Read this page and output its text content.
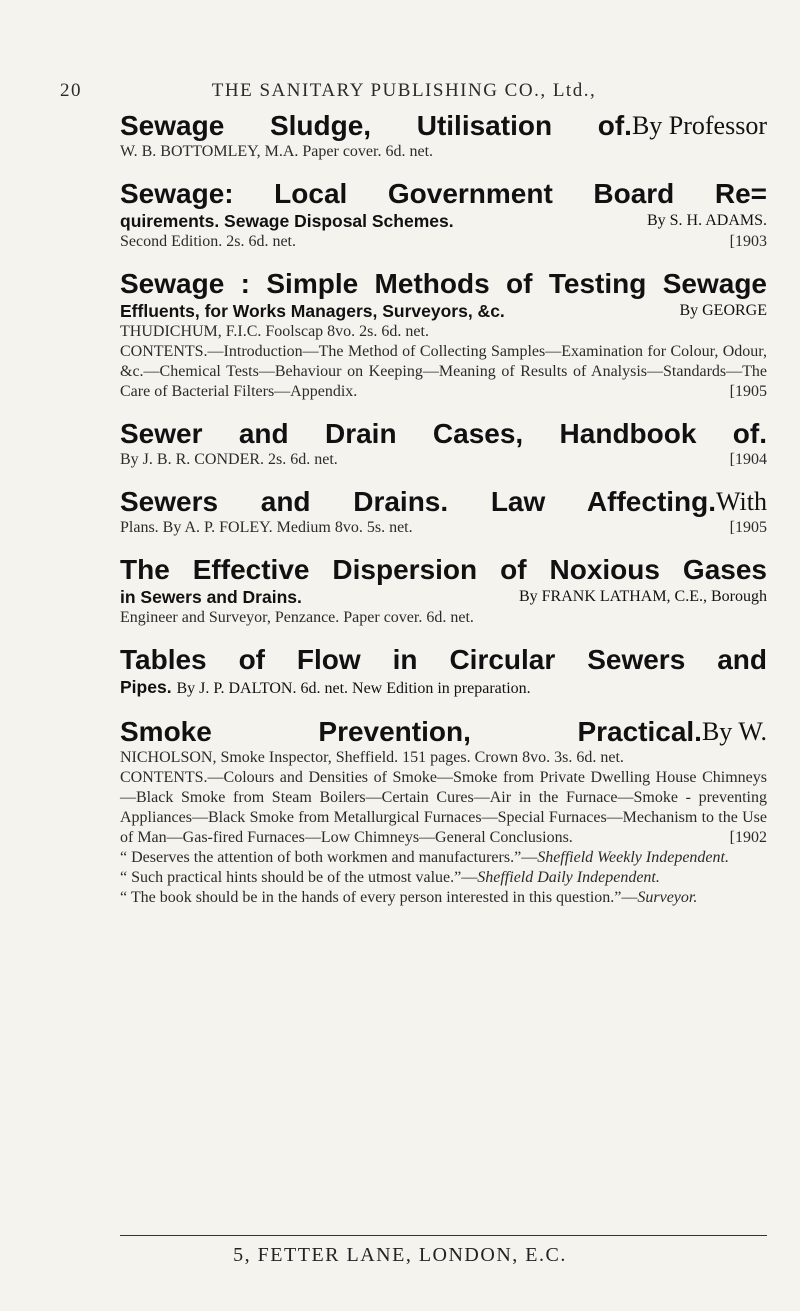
20	THE SANITARY PUBLISHING CO., Ltd.,
Sewage Sludge, Utilisation of. By Professor
W. B. BOTTOMLEY, M.A. Paper cover. 6d. net.
Sewage: Local Government Board Re=
quirements. Sewage Disposal Schemes.	By S. H. ADAMS.
Second Edition. 2s. 6d. net.	[1903
Sewage : Simple Methods of Testing Sewage
Effluents, for Works Managers, Surveyors, &c.	By GEORGE
THUDICHUM, F.I.C. Foolscap 8vo. 2s. 6d. net.
CONTENTS.—Introduction—The Method of Collecting Samples—Examination for Colour, Odour, &c.—Chemical Tests—Behaviour on Keeping—Meaning of Results of Analysis—Standards—The Care of Bacterial Filters—Appendix.	[1905
Sewer and Drain Cases, Handbook of.
By J. B. R. CONDER. 2s. 6d. net.	[1904
Sewers and Drains. Law Affecting. With
Plans. By A. P. FOLEY. Medium 8vo. 5s. net.	[1905
The Effective Dispersion of Noxious Gases
in Sewers and Drains.	By FRANK LATHAM, C.E., Borough
Engineer and Surveyor, Penzance. Paper cover. 6d. net.
Tables of Flow in Circular Sewers and
Pipes. By J. P. DALTON. 6d. net. New Edition in preparation.
Smoke Prevention, Practical. By W.
NICHOLSON, Smoke Inspector, Sheffield. 151 pages. Crown 8vo. 3s. 6d. net.
CONTENTS.—Colours and Densities of Smoke—Smoke from Private Dwelling House Chimneys—Black Smoke from Steam Boilers—Certain Cures—Air in the Furnace—Smoke - preventing Appliances—Black Smoke from Metallurgical Furnaces—Special Furnaces—Mechanism to the Use of Man—Gas-fired Furnaces—Low Chimneys—General Conclusions.	[1902
“ Deserves the attention of both workmen and manufacturers.”—Sheffield Weekly Independent.
“ Such practical hints should be of the utmost value.”—Sheffield Daily Independent.
“ The book should be in the hands of every person interested in this question.”—Surveyor.
5, FETTER LANE, LONDON, E.C.
